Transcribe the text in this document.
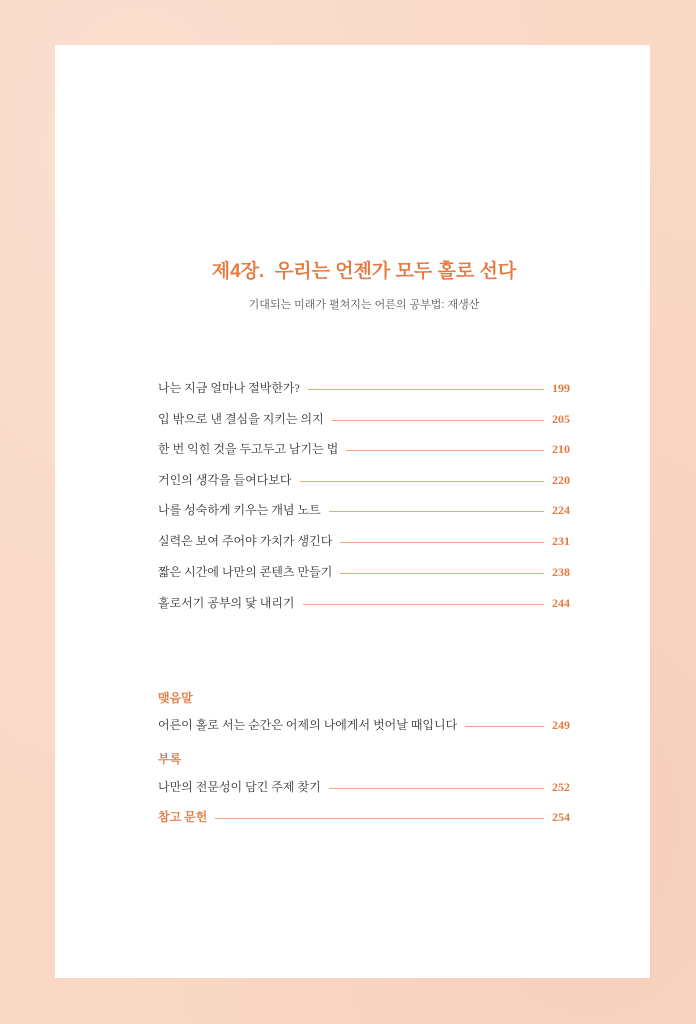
제4장.  우리는 언젠가 모두 홀로 선다
기대되는 미래가 펼쳐지는 어른의 공부법: 재생산
나는 지금 얼마나 절박한가?	199
입 밖으로 낸 결심을 지키는 의지	205
한 번 익힌 것을 두고두고 남기는 법	210
거인의 생각을 들여다보다	220
나를 성숙하게 키우는 개념 노트	224
실력은 보여 주어야 가치가 생긴다	231
짧은 시간에 나만의 콘텐츠 만들기	238
홀로서기 공부의 닻 내리기	244
맺음말
어른이 홀로 서는 순간은 어제의 나에게서 벗어날 때입니다	249
부록
나만의 전문성이 담긴 주제 찾기	252
참고 문헌	254
